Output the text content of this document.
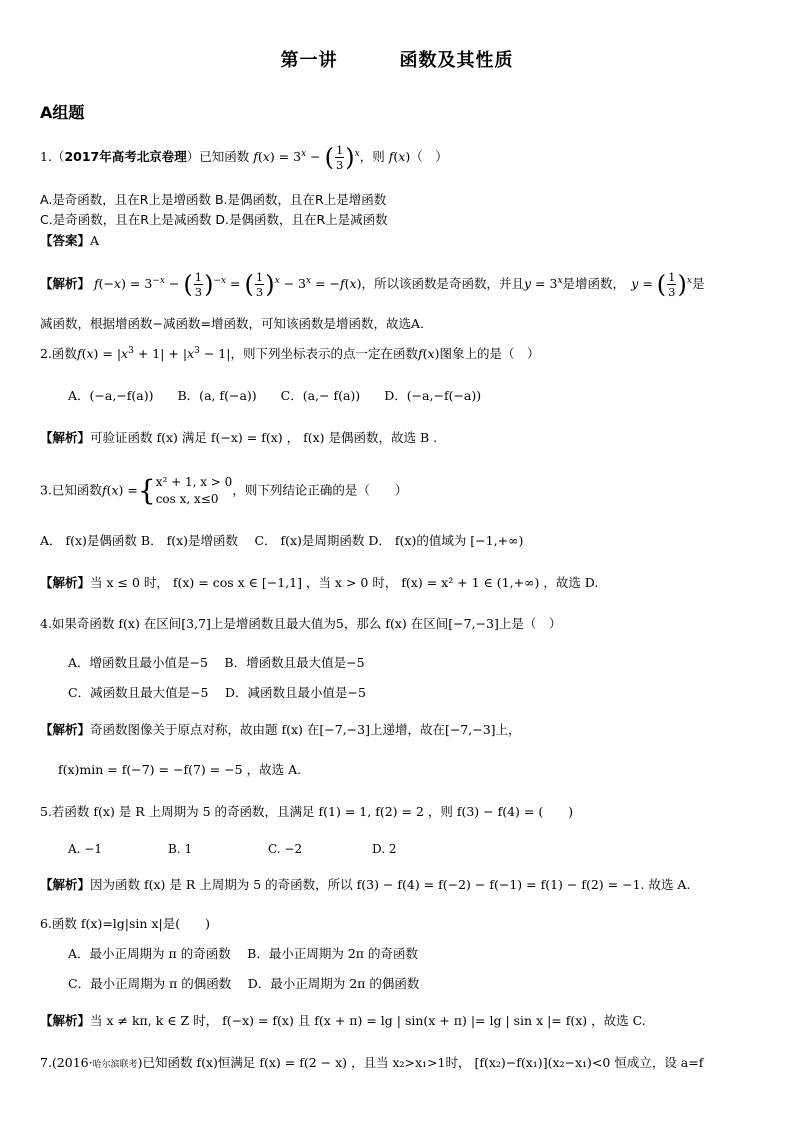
第一讲	函数及其性质
A组题
1.（2017年高考北京卷理）已知函数 $f(x) = 3^x$ − ( $\frac{1}{3} )^x$，则 f(x)（　）
A.是奇函数，且在R上是增函数 B.是偶函数，且在R上是增函数
C.是奇函数，且在R上是减函数 D.是偶函数，且在R上是减函数
【答案】A
【解析】 $f(-x) = 3^{-x}$ − ( $\frac{1}{3} )^{-x}$ = ( $\frac{1}{3} )^x - 3^x = -f(x)$，所以该函数是奇函数，并且$y = 3^x$是增函数，　 y = ( $\frac{1}{3} )^x$是
减函数，根据增函数−减函数=增函数，可知该函数是增函数，故选A.
2.函数$f(x) = |x^3 + 1| + |x^3 - 1|$，则下列坐标表示的点一定在函数f(x)图象上的是（　）
A．(−a,−f(a)) B．(a, f(−a)) C．(a,− f(a)) D．(−a,−f(−a))
【解析】可验证函数 f(x) 满足 f(−x) = f(x) ， f(x) 是偶函数，故选 B .
3.已知函数f(x) ={ x² + 1, x > 0
cos x, x≤0
，则下列结论正确的是（　　）
A． f(x)是偶函数 B． f(x)是增函数　 C． f(x)是周期函数 D． f(x)的值域为 [−1,+∞)
【解析】当 x ≤ 0 时， f(x) = cos x ∈ [−1,1] ，当 x > 0 时， f(x) = x² + 1 ∈ (1,+∞) ，故选 D.
4.如果奇函数 f(x) 在区间[3,7]上是增函数且最大值为5，那么 f(x) 在区间[−7,−3]上是（　）
A．增函数且最小值是−5　 B．增函数且最大值是−5
C．减函数且最大值是−5　 D．减函数且最小值是−5
【解析】奇函数图像关于原点对称，故由题 f(x) 在[−7,−3]上递增，故在[−7,−3]上，
f(x)min = f(−7) = −f(7) = −5 ，故选 A.
5.若函数 f(x) 是 R 上周期为 5 的奇函数，且满足 f(1) = 1, f(2) = 2 ，则 f(3) − f(4) = (　　)
A. −1	B. 1	C. −2	D. 2
【解析】因为函数 f(x) 是 R 上周期为 5 的奇函数，所以 f(3) − f(4) = f(−2) − f(−1) = f(1) − f(2) = −1. 故选 A.
6.函数 f(x)=lg|sin x|是(　　)
A．最小正周期为 π 的奇函数　 B．最小正周期为 2π 的奇函数
C．最小正周期为 π 的偶函数　 D．最小正周期为 2π 的偶函数
【解析】当 x ≠ kπ, k ∈ Z 时， f(−x) = f(x) 且 f(x + π) = lg | sin(x + π) |= lg | sin x |= f(x) ，故选 C.
7.(2016·哈尔滨联考)已知函数 f(x)恒满足 f(x) = f(2 − x) ，且当 x₂>x₁>1时， [f(x₂)−f(x₁)](x₂−x₁)<0 恒成立，设 a=f
